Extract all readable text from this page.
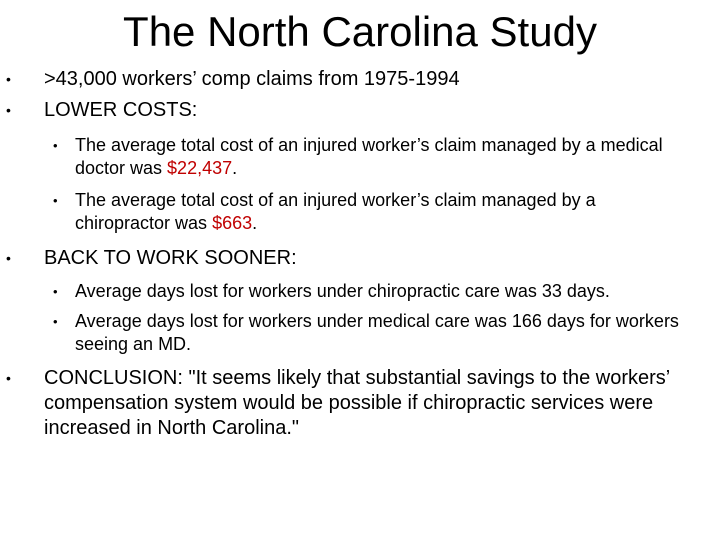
The North Carolina Study
• >43,000 workers’ comp claims from 1975-1994
• LOWER COSTS:
• The average total cost of an injured worker’s claim managed by a medical doctor was $22,437.
• The average total cost of an injured worker’s claim managed by a chiropractor was $663.
• BACK TO WORK SOONER:
• Average days lost for workers under chiropractic care was 33 days.
• Average days lost for workers under medical care was 166 days for workers seeing an MD.
• CONCLUSION: "It seems likely that substantial savings to the workers’ compensation system would be possible if chiropractic services were increased in North Carolina."
